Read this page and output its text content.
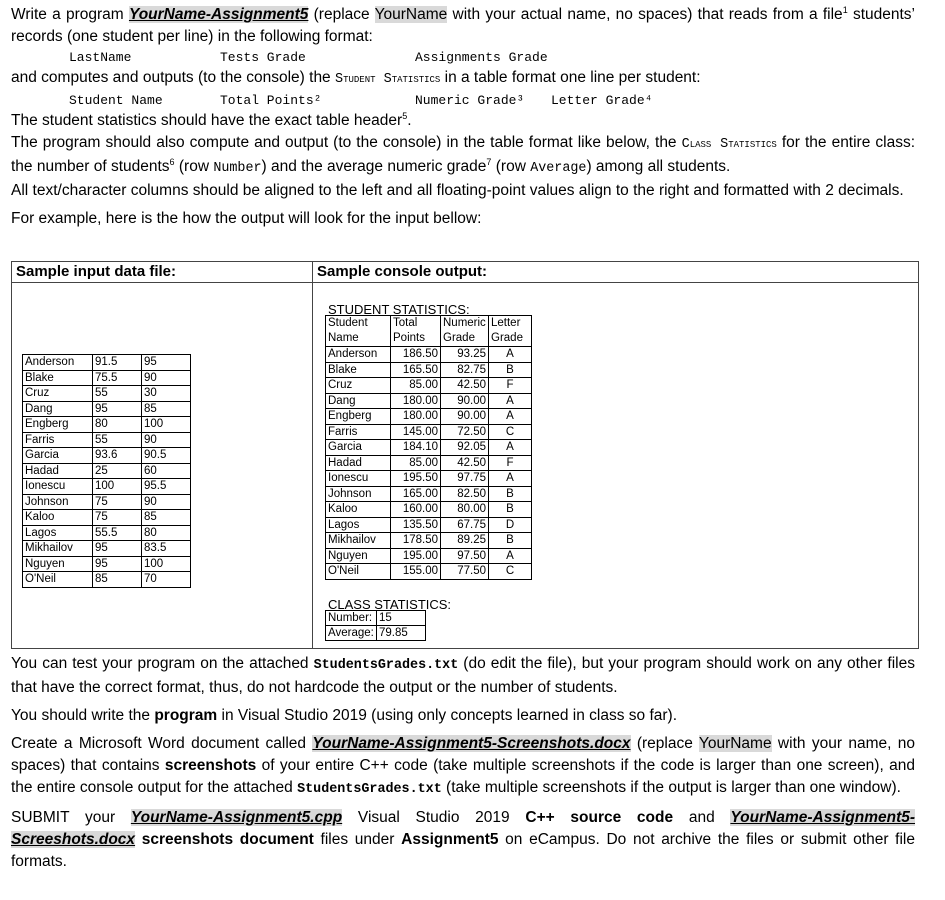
Write a program YourName-Assignment5 (replace YourName with your actual name, no spaces) that reads from a file$^1$ students’ records (one student per line) in the following format:

LastName	Tests Grade	Assignments Grade

and computes and outputs (to the console) the Student Statistics in a table format one line per student:

Student Name	Total Points²	Numeric Grade³ Letter Grade⁴

The student statistics should have the exact table header$^5$.

The program should also compute and output (to the console) in the table format like below, the Class Statistics for the entire class: the number of students$^6$ (row Number) and the average numeric grade$^7$ (row Average) among all students.

All text/character columns should be aligned to the left and all floating-point values align to the right and formatted with 2 decimals.

For example, here is the how the output will look for the input bellow:

Sample input data file:	Sample console output:
Anderson	91.5	95
Blake	75.5	90
Cruz	55	30
Dang	95	85
Engberg	80	100
Farris	55	90
Garcia	93.6	90.5
Hadad	25	60
Ionescu	100	95.5
Johnson	75	90
Kaloo	75	85
Lagos	55.5	80
Mikhailov	95	83.5
Nguyen	95	100
O'Neil	85	70
STUDENT STATISTICS:
Student	Total	Numeric	Letter
Name	Points	Grade	Grade
Anderson	186.50	93.25	A
Blake	165.50	82.75	B
Cruz	85.00	42.50	F
Dang	180.00	90.00	A
Engberg	180.00	90.00	A
Farris	145.00	72.50	C
Garcia	184.10	92.05	A
Hadad	85.00	42.50	F
Ionescu	195.50	97.75	A
Johnson	165.00	82.50	B
Kaloo	160.00	80.00	B
Lagos	135.50	67.75	D
Mikhailov	178.50	89.25	B
Nguyen	195.00	97.50	A
O'Neil	155.00	77.50	C
CLASS STATISTICS:
Number:	15
Average:	79.85

You can test your program on the attached StudentsGrades.txt (do edit the file), but your program should work on any other files that have the correct format, thus, do not hardcode the output or the number of students.

You should write the program in Visual Studio 2019 (using only concepts learned in class so far).

Create a Microsoft Word document called YourName-Assignment5-Screenshots.docx (replace YourName with your name, no spaces) that contains screenshots of your entire C++ code (take multiple screenshots if the code is larger than one screen), and the entire console output for the attached StudentsGrades.txt (take multiple screenshots if the output is larger than one window).

SUBMIT your YourName-Assignment5.cpp Visual Studio 2019 C++ source code and YourName-Assignment5-Screeshots.docx screenshots document files under Assignment5 on eCampus. Do not archive the files or submit other file formats.
